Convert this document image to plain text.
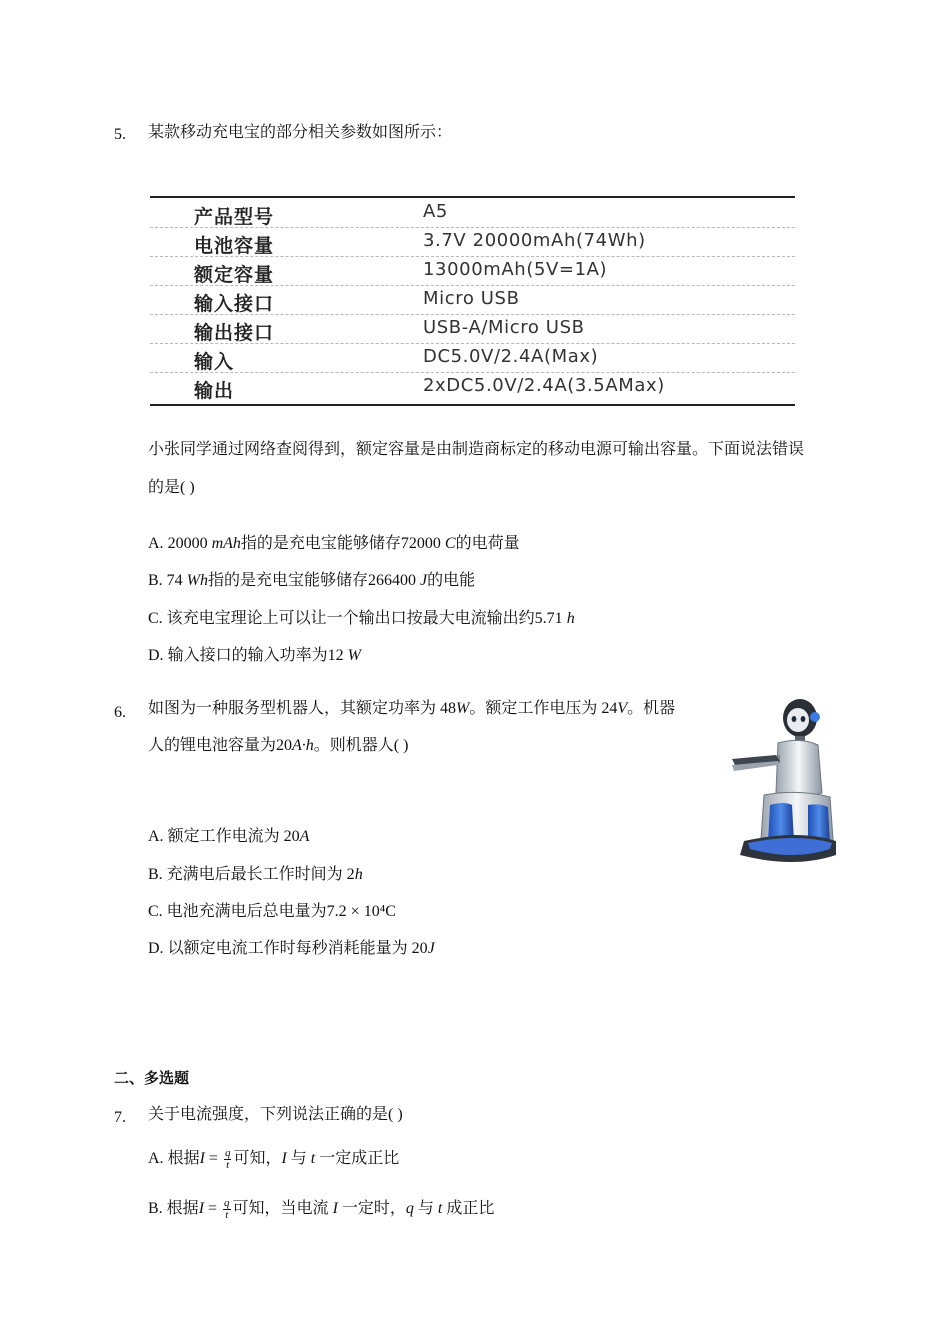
5. 某款移动充电宝的部分相关参数如图所示：
产品型号	A5
电池容量	3.7V 20000mAh(74Wh)
额定容量	13000mAh(5V=1A)
输入接口	Micro USB
输出接口	USB-A/Micro USB
输入	DC5.0V/2.4A(Max)
输出	2xDC5.0V/2.4A(3.5AMax)
小张同学通过网络查阅得到，额定容量是由制造商标定的移动电源可输出容量。下面说法错误
的是( )
A. 20000 mAh指的是充电宝能够储存72000 C的电荷量
B. 74 Wh指的是充电宝能够储存266400 J的电能
C. 该充电宝理论上可以让一个输出口按最大电流输出约5.71 h
D. 输入接口的输入功率为12 W
6. 如图为一种服务型机器人，其额定功率为 48W。额定工作电压为 24V。机器
人的锂电池容量为20A·h。则机器人( )
A. 额定工作电流为 20A
B. 充满电后最长工作时间为 2h
C. 电池充满电后总电量为7.2 × 10⁴C
D. 以额定电流工作时每秒消耗能量为 20J
二、多选题
7. 关于电流强度，下列说法正确的是( )
A. 根据$I = \frac{q}{t}$ 可知，I 与 t 一定成正比
B. 根据$I = \frac{q}{t}$ 可知，当电流 I 一定时，q 与 t 成正比
